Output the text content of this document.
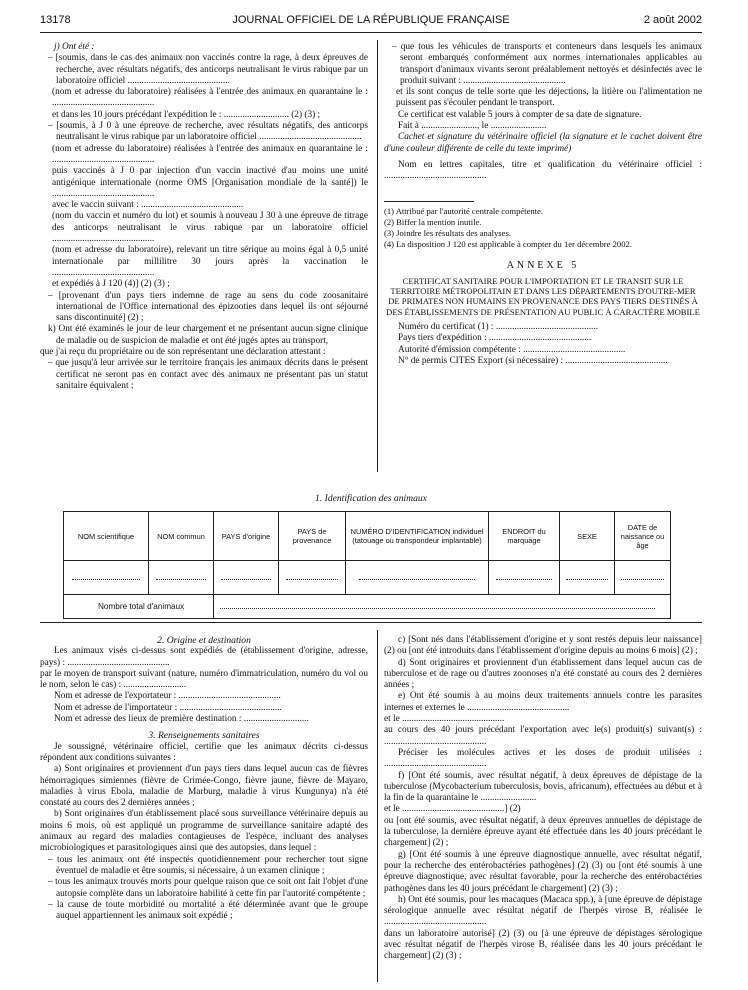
13178	JOURNAL OFFICIEL DE LA RÉPUBLIQUE FRANÇAISE	2 août 2002

j) Ont été :

– [soumis, dans le cas des animaux non vaccinés contre la rage, à deux épreuves de recherche, avec résultats négatifs, des anticorps neutralisant le virus rabique par un laboratoire officiel ............................................

(nom et adresse du laboratoire) réalisées à l'entrée des animaux en quarantaine le : ............................................

et dans les 10 jours précédant l'expédition le : ............................ (2) (3) ;

– [soumis, à J 0 à une épreuve de recherche, avec résultats négatifs, des anticorps neutralisant le virus rabique par un laboratoire officiel ............................................

(nom et adresse du laboratoire) réalisées à l'entrée des animaux en quarantaine le : ............................................

puis vaccinés à J 0 par injection d'un vaccin inactivé d'au moins une unité antigénique internationale (norme OMS [Organisation mondiale de la santé]) le ............................................

avec le vaccin suivant : ............................................

(nom du vaccin et numéro du lot) et soumis à nouveau J 30 à une épreuve de titrage des anticorps neutralisant le virus rabique par un laboratoire officiel ............................................

(nom et adresse du laboratoire), relevant un titre sérique au moins égal à 0,5 unité internationale par millilitre 30 jours après la vaccination le ............................................

et expédiés à J 120 (4)] (2) (3) ;

– [provenant d'un pays tiers indemne de rage au sens du code zoosanitaire international de l'Office international des épizooties dans lequel ils ont séjourné sans discontinuité] (2) ;

k) Ont été examinés le jour de leur chargement et ne présentant aucun signe clinique de maladie ou de suspicion de maladie et ont été jugés aptes au transport,

que j'ai reçu du propriétaire ou de son représentant une déclaration attestant :

– que jusqu'à leur arrivée sur le territoire français les animaux décrits dans le présent certificat ne seront pas en contact avec des animaux ne présentant pas un statut sanitaire équivalent ;

– que tous les véhicules de transports et conteneurs dans lesquels les animaux seront embarqués conformément aux normes internationales applicables au transport d'animaux vivants seront préalablement nettoyés et désinfectés avec le produit suivant : ............................................

et ils sont conçus de telle sorte que les déjections, la litière ou l'alimentation ne puissent pas s'écouler pendant le transport.

Ce certificat est valable 5 jours à compter de sa date de signature.

Fait à ........................, le ........................

Cachet et signature du vétérinaire officiel (la signature et le cachet doivent être d'une couleur différente de celle du texte imprimé)

Nom en lettres capitales, titre et qualification du vétérinaire officiel : ............................................

(1) Attribué par l'autorité centrale compétente.

(2) Biffer la mention inutile.

(3) Joindre les résultats des analyses.

(4) La disposition J 120 est applicable à compter du 1er décembre 2002.

ANNEXE 5

CERTIFICAT SANITAIRE POUR L'IMPORTATION ET LE TRANSIT SUR LE TERRITOIRE MÉTROPOLITAIN ET DANS LES DÉPARTEMENTS D'OUTRE-MER DE PRIMATES NON HUMAINS EN PROVENANCE DES PAYS TIERS DESTINÉS À DES ÉTABLISSEMENTS DE PRÉSENTATION AU PUBLIC À CARACTÈRE MOBILE

Numéro du certificat (1) : ............................................

Pays tiers d'expédition : ............................................

Autorité d'émission compétente : ............................................

N° de permis CITES Export (si nécessaire) : ............................................

1. Identification des animaux
NOM scientifique	NOM commun	PAYS d'origine	PAYS de provenance	NUMÉRO D'IDENTIFICATION individuel (tatouage ou transpondeur implantable)	ENDROIT du marquage	SEXE	DATE de naissance ou âge

Nombre total d'animaux							

2. Origine et destination

Les animaux visés ci-dessus sont expédiés de (établissement d'origine, adresse, pays) : ............................................

par le moyen de transport suivant (nature, numéro d'immatriculation, numéro du vol ou le nom, selon le cas) : ...........................

Nom et adresse de l'exportateur : ............................................

Nom et adresse de l'importateur : ............................................

Nom et adresse des lieux de première destination : ............................

3. Renseignements sanitaires

Je soussigné, vétérinaire officiel, certifie que les animaux décrits ci-dessus répondent aux conditions suivantes :

a) Sont originaires et proviennent d'un pays tiers dans lequel aucun cas de fièvres hémorragiques simiennes (fièvre de Crimée-Congo, fièvre jaune, fièvre de Mayaro, maladies à virus Ebola, maladie de Marburg, maladie à virus Kungunya) n'a été constaté au cours des 2 dernières années ;

b) Sont originaires d'un établissement placé sous surveillance vétérinaire depuis au moins 6 mois, où est appliqué un programme de surveillance sanitaire adapté des animaux au regard des maladies contagieuses de l'espèce, incluant des analyses microbiologiques et parasitologiques ainsi que des autopsies, dans lequel :

– tous les animaux ont été inspectés quotidiennement pour rechercher tout signe éventuel de maladie et être soumis, si nécessaire, à un examen clinique ;

– tous les animaux trouvés morts pour quelque raison que ce soit ont fait l'objet d'une autopsie complète dans un laboratoire habilité à cette fin par l'autorité compétente ;

– la cause de toute morbidité ou mortalité a été déterminée avant que le groupe auquel appartiennent les animaux soit expédié ;

c) [Sont nés dans l'établissement d'origine et y sont restés depuis leur naissance] (2) ou [ont été introduits dans l'établissement d'origine depuis au moins 6 mois] (2) ;

d) Sont originaires et proviennent d'un établissement dans lequel aucun cas de tuberculose et de rage ou d'autres zoonoses n'a été constaté au cours des 2 dernières années ;

e) Ont été soumis à au moins deux traitements annuels contre les parasites internes et externes le ............................................

et le ............................................

au cours des 40 jours précédant l'exportation avec le(s) produit(s) suivant(s) : ............................................

Préciser les molécules actives et les doses de produit utilisées : ............................................

f) [Ont été soumis, avec résultat négatif, à deux épreuves de dépistage de la tuberculose (Mycobacterium tuberculosis, bovis, africanum), effectuées au début et à la fin de la quarantaine le ........................

et le ............................................] (2)

ou [ont été soumis, avec résultat négatif, à deux épreuves annuelles de dépistage de la tuberculose, la dernière épreuve ayant été effectuée dans les 40 jours précédant le chargement] (2) ;

g) [Ont été soumis à une épreuve diagnostique annuelle, avec résultat négatif, pour la recherche des entérobactéries pathogènes] (2) (3) ou [ont été soumis à une épreuve diagnostique, avec résultat favorable, pour la recherche des entérobactéries pathogènes dans les 40 jours précédant le chargement] (2) (3) ;

h) Ont été soumis, pour les macaques (Macaca spp.), à [une épreuve de dépistage sérologique annuelle avec résultat négatif de l'herpès virose B, réalisée le ............................................

dans un laboratoire autorisé] (2) (3) ou [à une épreuve de dépistages sérologique avec résultat négatif de l'herpès virose B, réalisée dans les 40 jours précédant le chargement] (2) (3) ;
